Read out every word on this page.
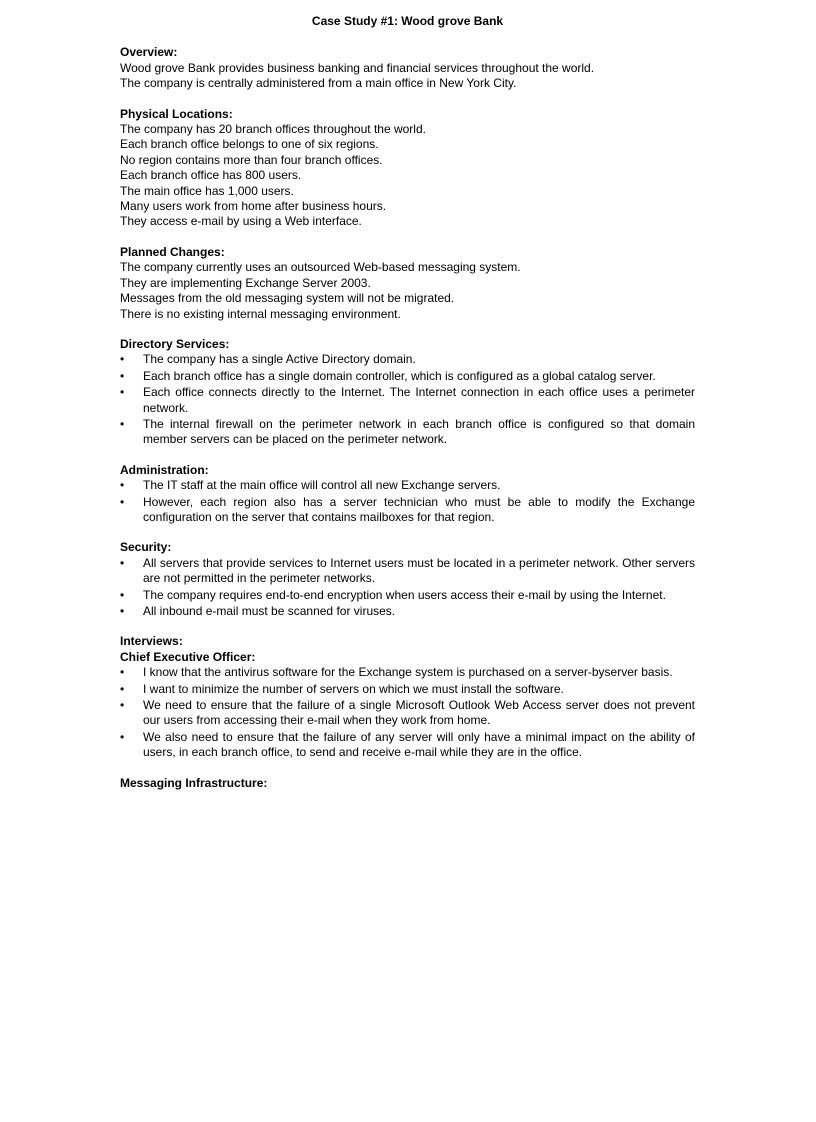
Case Study #1: Wood grove Bank

Overview:

Wood grove Bank provides business banking and financial services throughout the world.

The company is centrally administered from a main office in New York City.

Physical Locations:

The company has 20 branch offices throughout the world.

Each branch office belongs to one of six regions.

No region contains more than four branch offices.

Each branch office has 800 users.

The main office has 1,000 users.

Many users work from home after business hours.

They access e-mail by using a Web interface.

Planned Changes:

The company currently uses an outsourced Web-based messaging system.

They are implementing Exchange Server 2003.

Messages from the old messaging system will not be migrated.

There is no existing internal messaging environment.

Directory Services:

• The company has a single Active Directory domain.
• Each branch office has a single domain controller, which is configured as a global catalog server.
• Each office connects directly to the Internet. The Internet connection in each office uses a perimeter network.
• The internal firewall on the perimeter network in each branch office is configured so that domain member servers can be placed on the perimeter network.

Administration:

• The IT staff at the main office will control all new Exchange servers.
• However, each region also has a server technician who must be able to modify the Exchange configuration on the server that contains mailboxes for that region.

Security:

• All servers that provide services to Internet users must be located in a perimeter network. Other servers are not permitted in the perimeter networks.
• The company requires end-to-end encryption when users access their e-mail by using the Internet.
• All inbound e-mail must be scanned for viruses.

Interviews:

Chief Executive Officer:

• I know that the antivirus software for the Exchange system is purchased on a server-byserver basis.
• I want to minimize the number of servers on which we must install the software.
• We need to ensure that the failure of a single Microsoft Outlook Web Access server does not prevent our users from accessing their e-mail when they work from home.
• We also need to ensure that the failure of any server will only have a minimal impact on the ability of users, in each branch office, to send and receive e-mail while they are in the office.

Messaging Infrastructure:
